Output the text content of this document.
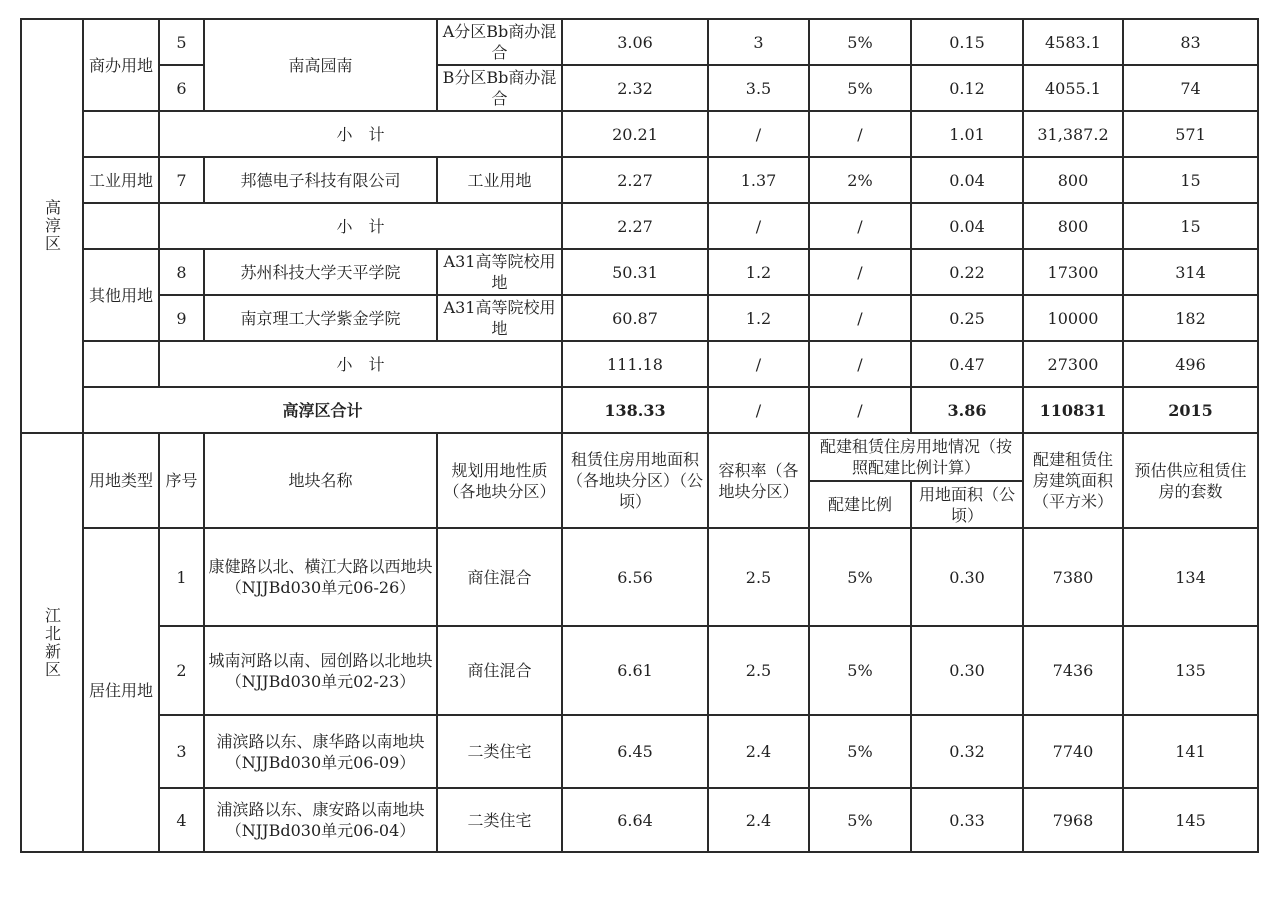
高淳区	商办用地	5	南高园南	A分区Bb商办混合	3.06	3	5%	0.15	4583.1	83
		6		B分区Bb商办混合	2.32	3.5	5%	0.12	4055.1	74
		小　计			20.21	/	/	1.01	31,387.2	571
	工业用地	7	邦德电子科技有限公司	工业用地	2.27	1.37	2%	0.04	800	15
		小　计			2.27	/	/	0.04	800	15
	其他用地	8	苏州科技大学天平学院	A31高等院校用地	50.31	1.2	/	0.22	17300	314
		9	南京理工大学紫金学院	A31高等院校用地	60.87	1.2	/	0.25	10000	182
		小　计			111.18	/	/	0.47	27300	496
	高淳区合计				138.33	/	/	3.86	110831	2015
江北新区	用地类型	序号	地块名称	规划用地性质（各地块分区）	租赁住房用地面积（各地块分区）（公顷）	容积率（各地块分区）	配建租赁住房用地情况（按照配建比例计算）		配建租赁住房建筑面积（平方米）	预估供应租赁住房的套数
							配建比例	用地面积（公顷）		
	居住用地	1	康健路以北、横江大路以西地块（NJJBd030单元06-26）	商住混合	6.56	2.5	5%	0.30	7380	134
		2	城南河路以南、园创路以北地块（NJJBd030单元02-23）	商住混合	6.61	2.5	5%	0.30	7436	135
		3	浦滨路以东、康华路以南地块（NJJBd030单元06-09）	二类住宅	6.45	2.4	5%	0.32	7740	141
		4	浦滨路以东、康安路以南地块（NJJBd030单元06-04）	二类住宅	6.64	2.4	5%	0.33	7968	145
